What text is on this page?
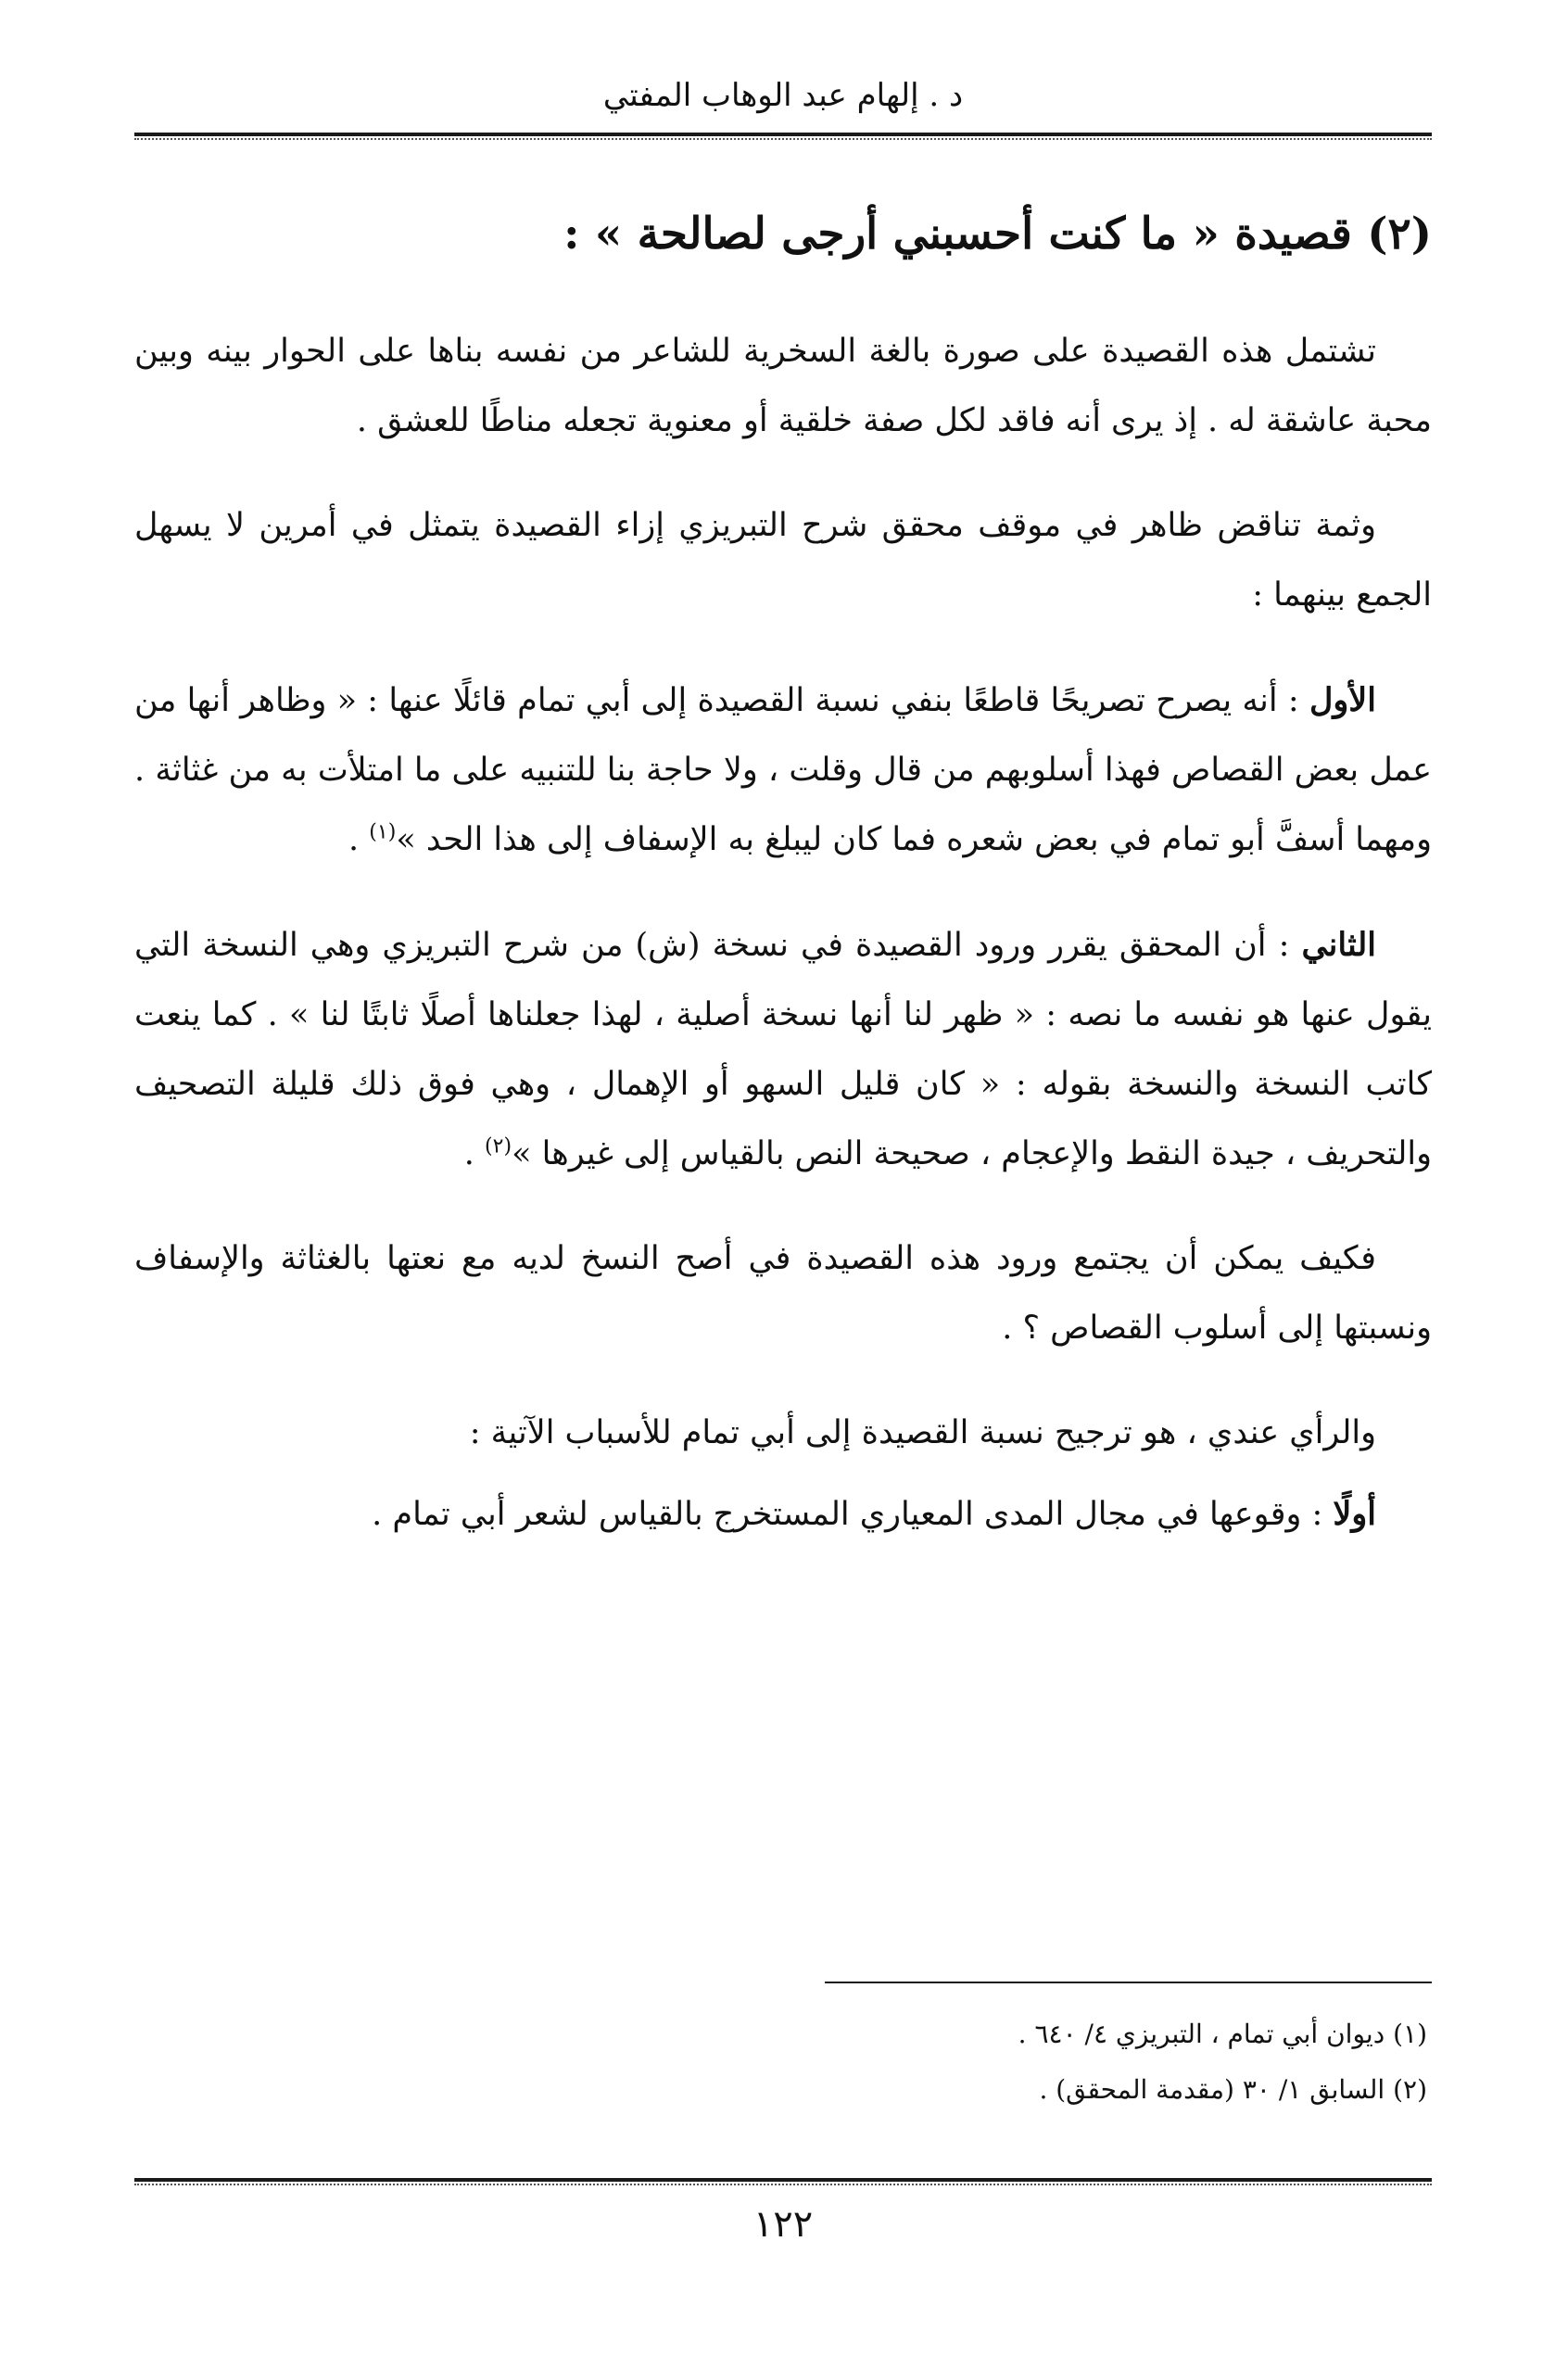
د . إلهام عبد الوهاب المفتي
(٢) قصيدة « ما كنت أحسبني أرجى لصالحة » :

تشتمل هذه القصيدة على صورة بالغة السخرية للشاعر من نفسه بناها على الحوار بينه وبين محبة عاشقة له . إذ يرى أنه فاقد لكل صفة خلقية أو معنوية تجعله مناطًا للعشق .

وثمة تناقض ظاهر في موقف محقق شرح التبريزي إزاء القصيدة يتمثل في أمرين لا يسهل الجمع بينهما :

الأول : أنه يصرح تصريحًا قاطعًا بنفي نسبة القصيدة إلى أبي تمام قائلًا عنها : « وظاهر أنها من عمل بعض القصاص فهذا أسلوبهم من قال وقلت ، ولا حاجة بنا للتنبيه على ما امتلأت به من غثاثة . ومهما أسفَّ أبو تمام في بعض شعره فما كان ليبلغ به الإسفاف إلى هذا الحد »$^{(١)}$ .

الثاني : أن المحقق يقرر ورود القصيدة في نسخة (ش) من شرح التبريزي وهي النسخة التي يقول عنها هو نفسه ما نصه : « ظهر لنا أنها نسخة أصلية ، لهذا جعلناها أصلًا ثابتًا لنا » . كما ينعت كاتب النسخة والنسخة بقوله : « كان قليل السهو أو الإهمال ، وهي فوق ذلك قليلة التصحيف والتحريف ، جيدة النقط والإعجام ، صحيحة النص بالقياس إلى غيرها »$^{(٢)}$ .

فكيف يمكن أن يجتمع ورود هذه القصيدة في أصح النسخ لديه مع نعتها بالغثاثة والإسفاف ونسبتها إلى أسلوب القصاص ؟ .

والرأي عندي ، هو ترجيح نسبة القصيدة إلى أبي تمام للأسباب الآتية :

أولًا : وقوعها في مجال المدى المعياري المستخرج بالقياس لشعر أبي تمام .

(١) ديوان أبي تمام ، التبريزي ٤/ ٦٤٠ .
(٢) السابق ١/ ٣٠ (مقدمة المحقق) .
١٢٢
